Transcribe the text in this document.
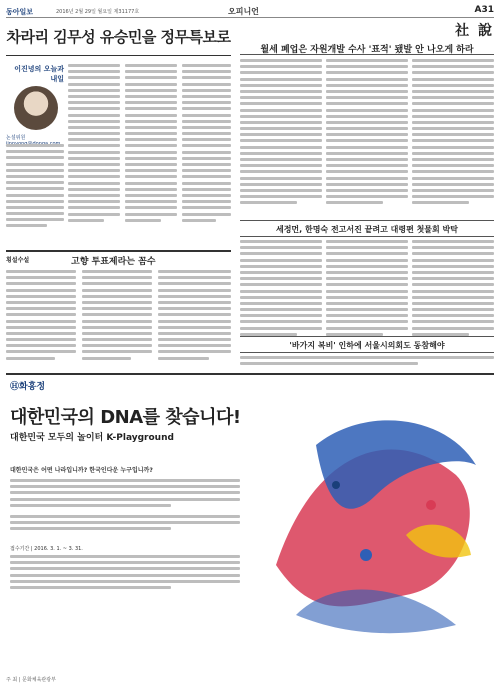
동아일보	2016년 2월 29일 월요일 제31177호	오피니언	A31
차라리 김무성 유승민을 정무특보로
이진녕의 오늘과 내일
논설위원
社 說
월세 폐업은 자원개발 수사 '표적' 됐발 안 나오게 하라
세정먼, 한명숙 전고서진 끝려고 대령편 첫물회 박탁
'바가지 복비' 인하에 서울시의회도 동참해야
횡설수설	고향 투표제라는 꼼수
Ⓗ화홍정
대한민국의 DNA를 찾습니다!
대한민국 모두의 놀이터 K-Playground
대한민국은 어떤 나라입니까? 한국인다운 누구입니까?
접수기간 | 2016. 3. 1. ~ 3. 31.
주 최 | 문화체육관광부
